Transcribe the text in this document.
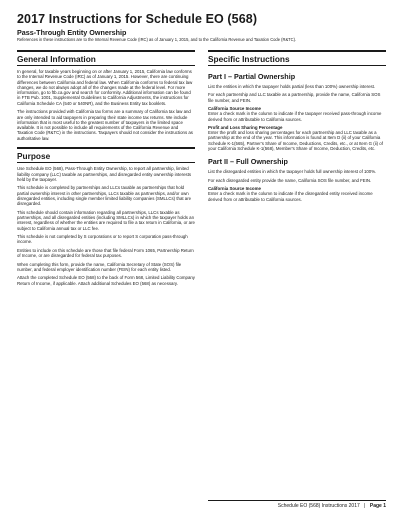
2017 Instructions for Schedule EO (568)
Pass-Through Entity Ownership
References in these instructions are to the Internal Revenue Code (IRC) as of January 1, 2015, and to the California Revenue and Taxation Code (R&TC).
General Information

In general, for taxable years beginning on or after January 1, 2015, California law conforms to the Internal Revenue Code (IRC) as of January 1, 2015. However, there are continuing differences between California and federal law. When California conforms to federal tax law changes, we do not always adopt all of the changes made at the federal level. For more information, go to ftb.ca.gov and search for conformity. Additional information can be found in FTB Pub. 1001, Supplemental Guidelines to California Adjustments, the instructions for California Schedule CA (540 or 540NR), and the Business Entity tax booklets.

The instructions provided with California tax forms are a summary of California tax law and are only intended to aid taxpayers in preparing their state income tax returns. We include information that is most useful to the greatest number of taxpayers in the limited space available. It is not possible to include all requirements of the California Revenue and Taxation Code (R&TC) in the instructions. Taxpayers should not consider the instructions as authoritative law.

Purpose

Use Schedule EO (568), Pass-Through Entity Ownership, to report all partnership, limited liability company (LLC) taxable as partnerships, and disregarded entity ownership interests held by the taxpayer.

This schedule is completed by partnerships and LLCs taxable as partnerships that hold partial ownership interest in other partnerships, LLCs taxable as partnerships, and/or own disregarded entities, including single member limited liability companies (SMLLCs) that are disregarded.

This schedule should contain information regarding all partnerships, LLCs taxable as partnerships, and all disregarded entities (including SMLLCs) in which the taxpayer holds an interest, regardless of whether the entities are required to file a tax return in California, or are subject to California annual tax or LLC fee.

This schedule is not completed by S corporations or to report S corporation pass-through income.

Entities to include on this schedule are those that file federal Form 1065, Partnership Return of Income, or are disregarded for federal tax purposes.

When completing this form, provide the name, California Secretary of State (SOS) file number, and federal employer identification number (FEIN) for each entity listed.

Attach the completed Schedule EO (568) to the back of Form 568, Limited Liability Company Return of Income, if applicable. Attach additional Schedules EO (568) as necessary.

Specific Instructions
Part I – Partial Ownership

List the entities in which the taxpayer holds partial (less than 100%) ownership interest.

For each partnership and LLC taxable as a partnership, provide the name, California SOS file number, and FEIN.

California Source Income

Enter a check mark in the column to indicate if the taxpayer received pass-through income derived from or attributable to California sources.

Profit and Loss Sharing Percentage

Enter the profit and loss sharing percentages for each partnership and LLC taxable as a partnership at the end of the year. This information is found at Item D (ii) of your California Schedule K-1(565), Partner's Share of Income, Deductions, Credits, etc., or at Item G (ii) of your California Schedule K-1(568), Member's Share of Income, Deduction, Credits, etc.

Part II – Full Ownership

List the disregarded entities in which the taxpayer holds full ownership interest of 100%.

For each disregarded entity provide the name, California SOS file number, and FEIN.

California Source Income

Enter a check mark in the column to indicate if the disregarded entity received income derived from or attributable to California sources.

Schedule EO (568) Instructions 2017 | Page 1
